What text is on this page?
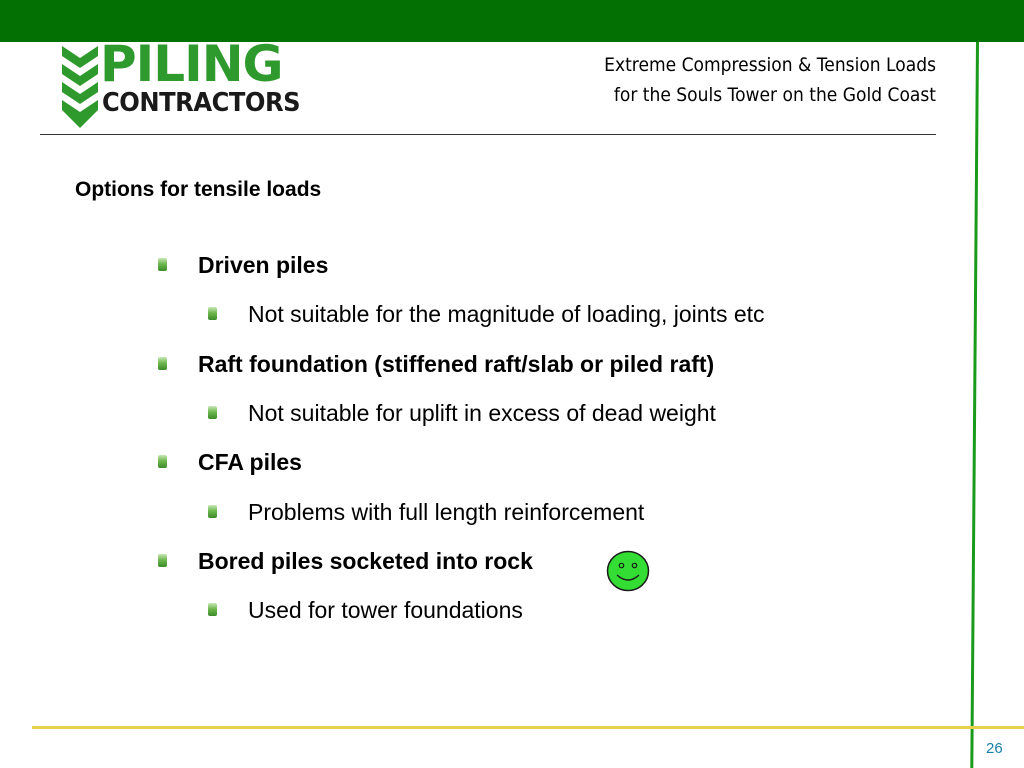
PILING
CONTRACTORS
Extreme Compression & Tension Loads
for the Souls Tower on the Gold Coast
Options for tensile loads
Driven piles
Not suitable for the magnitude of loading, joints etc
Raft foundation (stiffened raft/slab or piled raft)
Not suitable for uplift in excess of dead weight
CFA piles
Problems with full length reinforcement
Bored piles socketed into rock
Used for tower foundations
26
